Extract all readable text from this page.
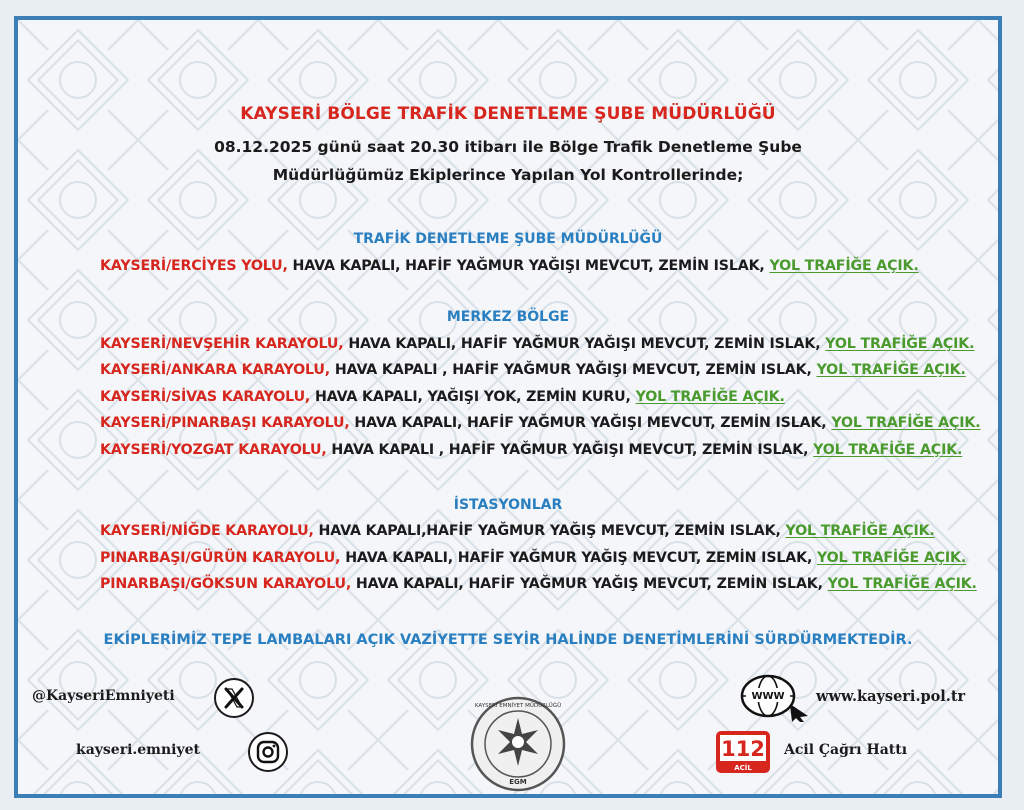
KAYSERİ BÖLGE TRAFİK DENETLEME ŞUBE MÜDÜRLÜĞÜ
08.12.2025 günü saat 20.30 itibarı ile Bölge Trafik Denetleme Şube
Müdürlüğümüz Ekiplerince Yapılan Yol Kontrollerinde;
TRAFİK DENETLEME ŞUBE MÜDÜRLÜĞÜ
KAYSERİ/ERCİYES YOLU, HAVA KAPALI, HAFİF YAĞMUR YAĞIŞI MEVCUT, ZEMİN ISLAK, YOL TRAFİĞE AÇIK.
MERKEZ BÖLGE
KAYSERİ/NEVŞEHİR KARAYOLU, HAVA KAPALI, HAFİF YAĞMUR YAĞIŞI MEVCUT, ZEMİN ISLAK, YOL TRAFİĞE AÇIK.
KAYSERİ/ANKARA KARAYOLU, HAVA KAPALI , HAFİF YAĞMUR YAĞIŞI MEVCUT, ZEMİN ISLAK, YOL TRAFİĞE AÇIK.
KAYSERİ/SİVAS KARAYOLU, HAVA KAPALI, YAĞIŞI YOK, ZEMİN KURU, YOL TRAFİĞE AÇIK.
KAYSERİ/PINARBAŞI KARAYOLU, HAVA KAPALI, HAFİF YAĞMUR YAĞIŞI MEVCUT, ZEMİN ISLAK, YOL TRAFİĞE AÇIK.
KAYSERİ/YOZGAT KARAYOLU, HAVA KAPALI , HAFİF YAĞMUR YAĞIŞI MEVCUT, ZEMİN ISLAK, YOL TRAFİĞE AÇIK.
İSTASYONLAR
KAYSERİ/NİĞDE KARAYOLU, HAVA KAPALI,HAFİF YAĞMUR YAĞIŞ MEVCUT, ZEMİN ISLAK, YOL TRAFİĞE AÇIK.
PINARBAŞI/GÜRÜN KARAYOLU, HAVA KAPALI, HAFİF YAĞMUR YAĞIŞ MEVCUT, ZEMİN ISLAK, YOL TRAFİĞE AÇIK.
PINARBAŞI/GÖKSUN KARAYOLU, HAVA KAPALI, HAFİF YAĞMUR YAĞIŞ MEVCUT, ZEMİN ISLAK, YOL TRAFİĞE AÇIK.
EKİPLERİMİZ TEPE LAMBALARI AÇIK VAZİYETTE SEYİR HALİNDE DENETİMLERİNİ SÜRDÜRMEKTEDİR.
@KayseriEmniyeti
kayseri.emniyet
EGM
KAYSERİ EMNİYET MÜDÜRLÜĞÜ
WWW www.kayseri.pol.tr
112
ACİL
Acil Çağrı Hattı
